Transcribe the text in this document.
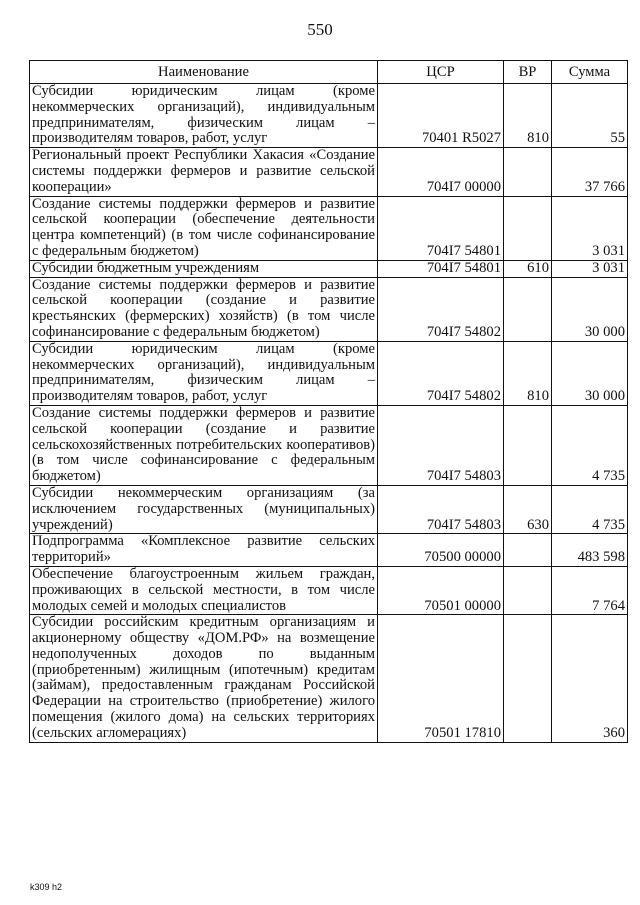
550
Наименование	ЦСР	ВР	Сумма
Субсидии юридическим лицам (кроме некоммерческих организаций), индивидуальным предпринимателям, физическим лицам – производителям товаров, работ, услуг	70401 R5027	810	55
Региональный проект Республики Хакасия «Создание системы поддержки фермеров и развитие сельской кооперации»	704I7 00000		37 766
Создание системы поддержки фермеров и развитие сельской кооперации (обеспечение деятельности центра компетенций) (в том числе софинансирование с федеральным бюджетом)	704I7 54801		3 031
Субсидии бюджетным учреждениям	704I7 54801	610	3 031
Создание системы поддержки фермеров и развитие сельской кооперации (создание и развитие крестьянских (фермерских) хозяйств) (в том числе софинансирование с федеральным бюджетом)	704I7 54802		30 000
Субсидии юридическим лицам (кроме некоммерческих организаций), индивидуальным предпринимателям, физическим лицам – производителям товаров, работ, услуг	704I7 54802	810	30 000
Создание системы поддержки фермеров и развитие сельской кооперации (создание и развитие сельскохозяйственных потребительских кооперативов) (в том числе софинансирование с федеральным бюджетом)	704I7 54803		4 735
Субсидии некоммерческим организациям (за исключением государственных (муниципальных) учреждений)	704I7 54803	630	4 735
Подпрограмма «Комплексное развитие сельских территорий»	70500 00000		483 598
Обеспечение благоустроенным жильем граждан, проживающих в сельской местности, в том числе молодых семей и молодых специалистов	70501 00000		7 764
Субсидии российским кредитным организациям и акционерному обществу «ДОМ.РФ» на возмещение недополученных доходов по выданным (приобретенным) жилищным (ипотечным) кредитам (займам), предоставленным гражданам Российской Федерации на строительство (приобретение) жилого помещения (жилого дома) на сельских территориях (сельских агломерациях)	70501 17810		360
k309 h2
